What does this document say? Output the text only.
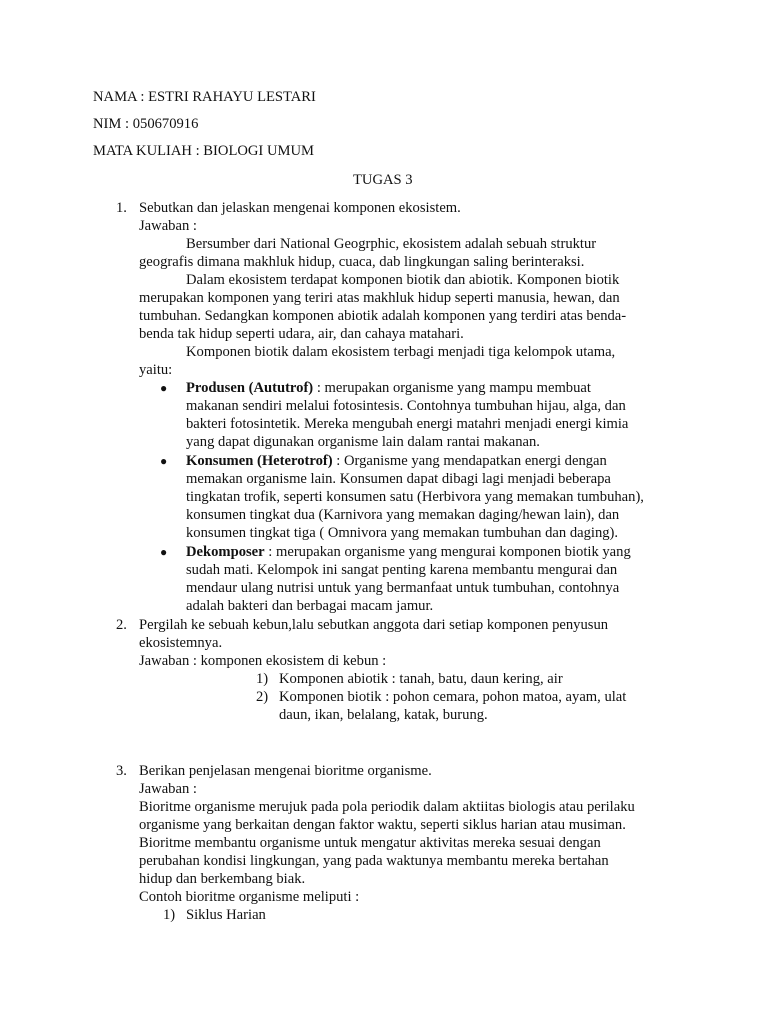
NAMA : ESTRI RAHAYU LESTARI
NIM : 050670916
MATA KULIAH : BIOLOGI UMUM
TUGAS 3
1. Sebutkan dan jelaskan mengenai komponen ekosistem.
Jawaban :
Bersumber dari National Geogrphic, ekosistem adalah sebuah struktur
geografis dimana makhluk hidup, cuaca, dab lingkungan saling berinteraksi.
Dalam ekosistem terdapat komponen biotik dan abiotik. Komponen biotik
merupakan komponen yang teriri atas makhluk hidup seperti manusia, hewan, dan
tumbuhan. Sedangkan komponen abiotik adalah komponen yang terdiri atas benda-
benda tak hidup seperti udara, air, dan cahaya matahari.
Komponen biotik dalam ekosistem terbagi menjadi tiga kelompok utama,
yaitu:
● Produsen (Aututrof) : merupakan organisme yang mampu membuat
makanan sendiri melalui fotosintesis. Contohnya tumbuhan hijau, alga, dan
bakteri fotosintetik. Mereka mengubah energi matahri menjadi energi kimia
yang dapat digunakan organisme lain dalam rantai makanan.
● Konsumen (Heterotrof) : Organisme yang mendapatkan energi dengan
memakan organisme lain. Konsumen dapat dibagi lagi menjadi beberapa
tingkatan trofik, seperti konsumen satu (Herbivora yang memakan tumbuhan),
konsumen tingkat dua (Karnivora yang memakan daging/hewan lain), dan
konsumen tingkat tiga ( Omnivora yang memakan tumbuhan dan daging).
● Dekomposer : merupakan organisme yang mengurai komponen biotik yang
sudah mati. Kelompok ini sangat penting karena membantu mengurai dan
mendaur ulang nutrisi untuk yang bermanfaat untuk tumbuhan, contohnya
adalah bakteri dan berbagai macam jamur.
2. Pergilah ke sebuah kebun,lalu sebutkan anggota dari setiap komponen penyusun
ekosistemnya.
Jawaban : komponen ekosistem di kebun :
1) Komponen abiotik : tanah, batu, daun kering, air
2) Komponen biotik : pohon cemara, pohon matoa, ayam, ulat
daun, ikan, belalang, katak, burung.
3. Berikan penjelasan mengenai bioritme organisme.
Jawaban :
Bioritme organisme merujuk pada pola periodik dalam aktiitas biologis atau perilaku
organisme yang berkaitan dengan faktor waktu, seperti siklus harian atau musiman.
Bioritme membantu organisme untuk mengatur aktivitas mereka sesuai dengan
perubahan kondisi lingkungan, yang pada waktunya membantu mereka bertahan
hidup dan berkembang biak.
Contoh bioritme organisme meliputi :
1) Siklus Harian
